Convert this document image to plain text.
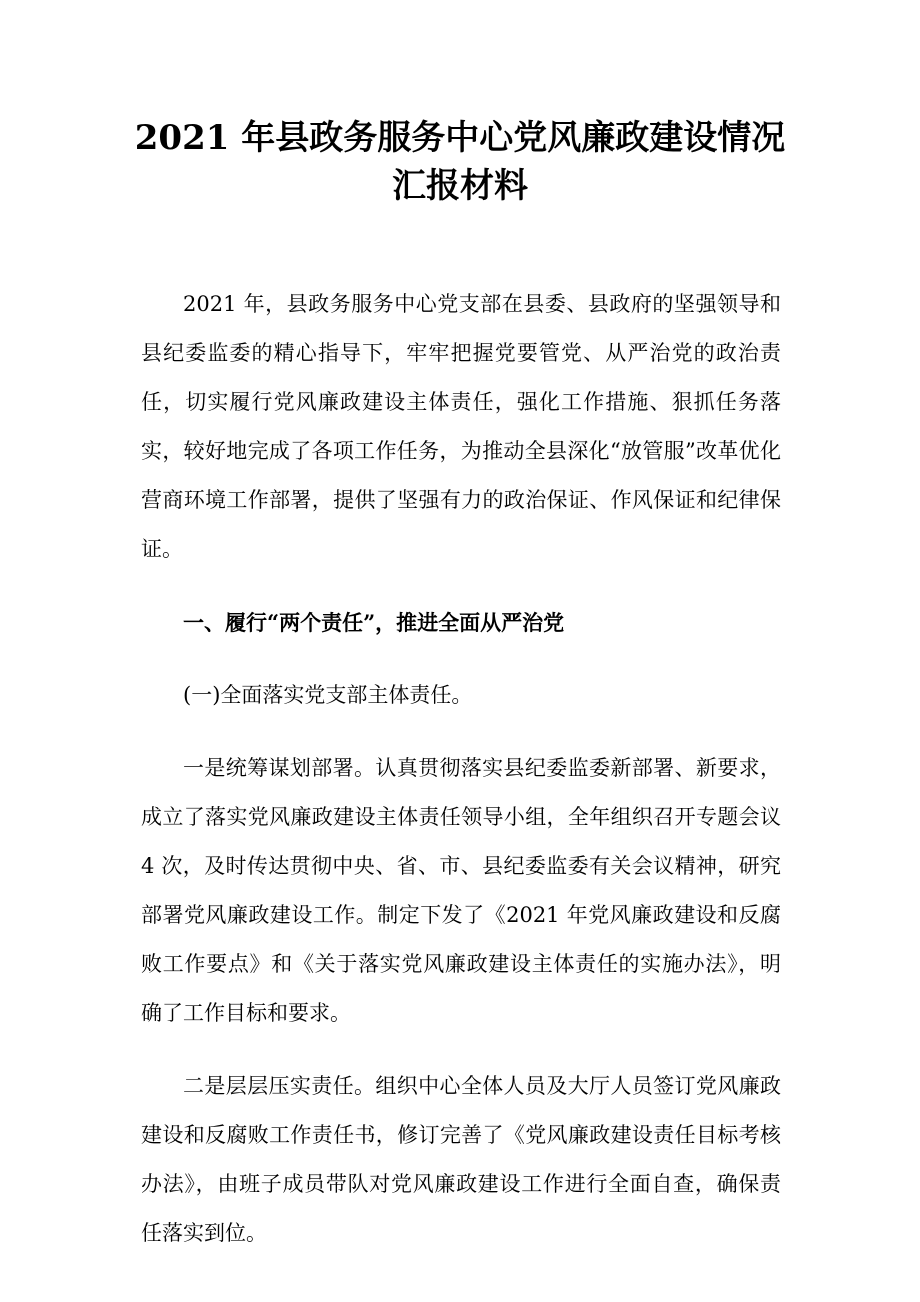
2021 年县政务服务中心党风廉政建设情况
汇报材料

2021 年，县政务服务中心党支部在县委、县政府的坚强领导和县纪委监委的精心指导下，牢牢把握党要管党、从严治党的政治责任，切实履行党风廉政建设主体责任，强化工作措施、狠抓任务落实，较好地完成了各项工作任务，为推动全县深化“放管服”改革优化营商环境工作部署，提供了坚强有力的政治保证、作风保证和纪律保证。

一、履行“两个责任”，推进全面从严治党

(一)全面落实党支部主体责任。

一是统筹谋划部署。认真贯彻落实县纪委监委新部署、新要求，成立了落实党风廉政建设主体责任领导小组，全年组织召开专题会议 4 次，及时传达贯彻中央、省、市、县纪委监委有关会议精神，研究部署党风廉政建设工作。制定下发了《2021 年党风廉政建设和反腐败工作要点》和《关于落实党风廉政建设主体责任的实施办法》，明确了工作目标和要求。

二是层层压实责任。组织中心全体人员及大厅人员签订党风廉政建设和反腐败工作责任书，修订完善了《党风廉政建设责任目标考核办法》，由班子成员带队对党风廉政建设工作进行全面自查，确保责任落实到位。
